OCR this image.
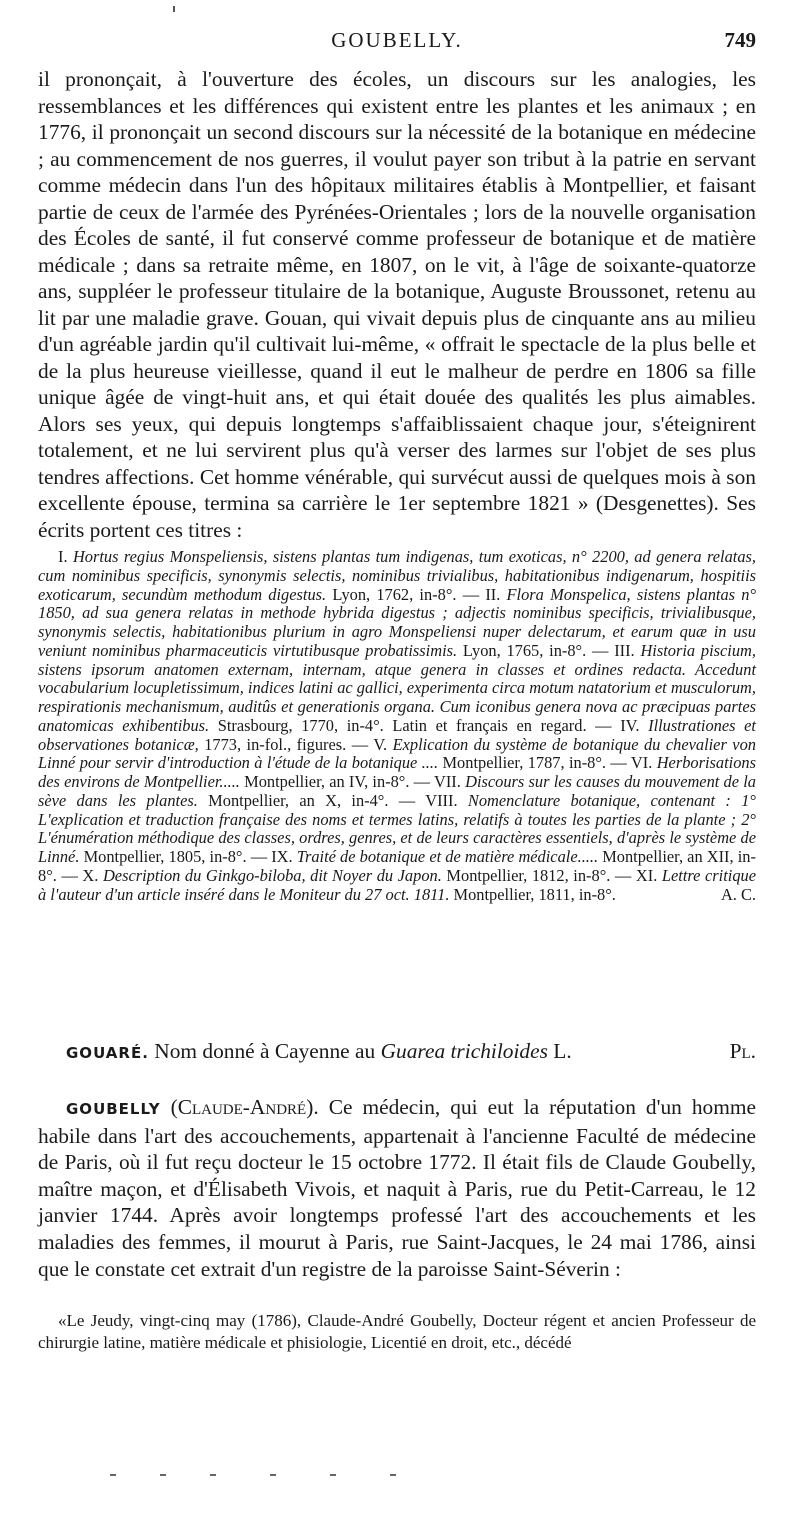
GOUBELLY.	749

il prononçait, à l'ouverture des écoles, un discours sur les analogies, les ressemblances et les différences qui existent entre les plantes et les animaux ; en 1776, il prononçait un second discours sur la nécessité de la botanique en médecine ; au commencement de nos guerres, il voulut payer son tribut à la patrie en servant comme médecin dans l'un des hôpitaux militaires établis à Montpellier, et faisant partie de ceux de l'armée des Pyrénées-Orientales ; lors de la nouvelle organisation des Écoles de santé, il fut conservé comme professeur de botanique et de matière médicale ; dans sa retraite même, en 1807, on le vit, à l'âge de soixante-quatorze ans, suppléer le professeur titulaire de la botanique, Auguste Broussonet, retenu au lit par une maladie grave. Gouan, qui vivait depuis plus de cinquante ans au milieu d'un agréable jardin qu'il cultivait lui-même, « offrait le spectacle de la plus belle et de la plus heureuse vieillesse, quand il eut le malheur de perdre en 1806 sa fille unique âgée de vingt-huit ans, et qui était douée des qualités les plus aimables. Alors ses yeux, qui depuis longtemps s'affaiblissaient chaque jour, s'éteignirent totalement, et ne lui servirent plus qu'à verser des larmes sur l'objet de ses plus tendres affections. Cet homme vénérable, qui survécut aussi de quelques mois à son excellente épouse, termina sa carrière le 1er septembre 1821 » (Desgenettes). Ses écrits portent ces titres :

I. Hortus regius Monspeliensis, sistens plantas tum indigenas, tum exoticas, n° 2200, ad genera relatas, cum nominibus specificis, synonymis selectis, nominibus trivialibus, habitationibus indigenarum, hospitiis exoticarum, secundùm methodum digestus. Lyon, 1762, in-8°. — II. Flora Monspelica, sistens plantas n° 1850, ad sua genera relatas in methode hybrida digestus ; adjectis nominibus specificis, trivialibusque, synonymis selectis, habitationibus plurium in agro Monspeliensi nuper delectarum, et earum quæ in usu veniunt nominibus pharmaceuticis virtutibusque probatissimis. Lyon, 1765, in-8°. — III. Historia piscium, sistens ipsorum anatomen externam, internam, atque genera in classes et ordines redacta. Accedunt vocabularium locupletissimum, indices latini ac gallici, experimenta circa motum natatorium et musculorum, respirationis mechanismum, auditûs et generationis organa. Cum iconibus genera nova ac præcipuas partes anatomicas exhibentibus. Strasbourg, 1770, in-4°. Latin et français en regard. — IV. Illustrationes et observationes botanicæ, 1773, in-fol., figures. — V. Explication du système de botanique du chevalier von Linné pour servir d'introduction à l'étude de la botanique .... Montpellier, 1787, in-8°. — VI. Herborisations des environs de Montpellier..... Montpellier, an IV, in-8°. — VII. Discours sur les causes du mouvement de la sève dans les plantes. Montpellier, an X, in-4°. — VIII. Nomenclature botanique, contenant : 1° L'explication et traduction française des noms et termes latins, relatifs à toutes les parties de la plante ; 2° L'énumération méthodique des classes, ordres, genres, et de leurs caractères essentiels, d'après le système de Linné. Montpellier, 1805, in-8°. — IX. Traité de botanique et de matière médicale..... Montpellier, an XII, in-8°. — X. Description du Ginkgo-biloba, dit Noyer du Japon. Montpellier, 1812, in-8°. — XI. Lettre critique à l'auteur d'un article inséré dans le Moniteur du 27 oct. 1811. Montpellier, 1811, in-8°.	A. C.

GOUARÉ. Nom donné à Cayenne au Guarea trichiloides L.	Pl.

GOUBELLY (Claude-André). Ce médecin, qui eut la réputation d'un homme habile dans l'art des accouchements, appartenait à l'ancienne Faculté de médecine de Paris, où il fut reçu docteur le 15 octobre 1772. Il était fils de Claude Goubelly, maître maçon, et d'Élisabeth Vivois, et naquit à Paris, rue du Petit-Carreau, le 12 janvier 1744. Après avoir longtemps professé l'art des accouchements et les maladies des femmes, il mourut à Paris, rue Saint-Jacques, le 24 mai 1786, ainsi que le constate cet extrait d'un registre de la paroisse Saint-Séverin :

«Le Jeudy, vingt-cinq may (1786), Claude-André Goubelly, Docteur régent et ancien Professeur de chirurgie latine, matière médicale et phisiologie, Licentié en droit, etc., décédé
